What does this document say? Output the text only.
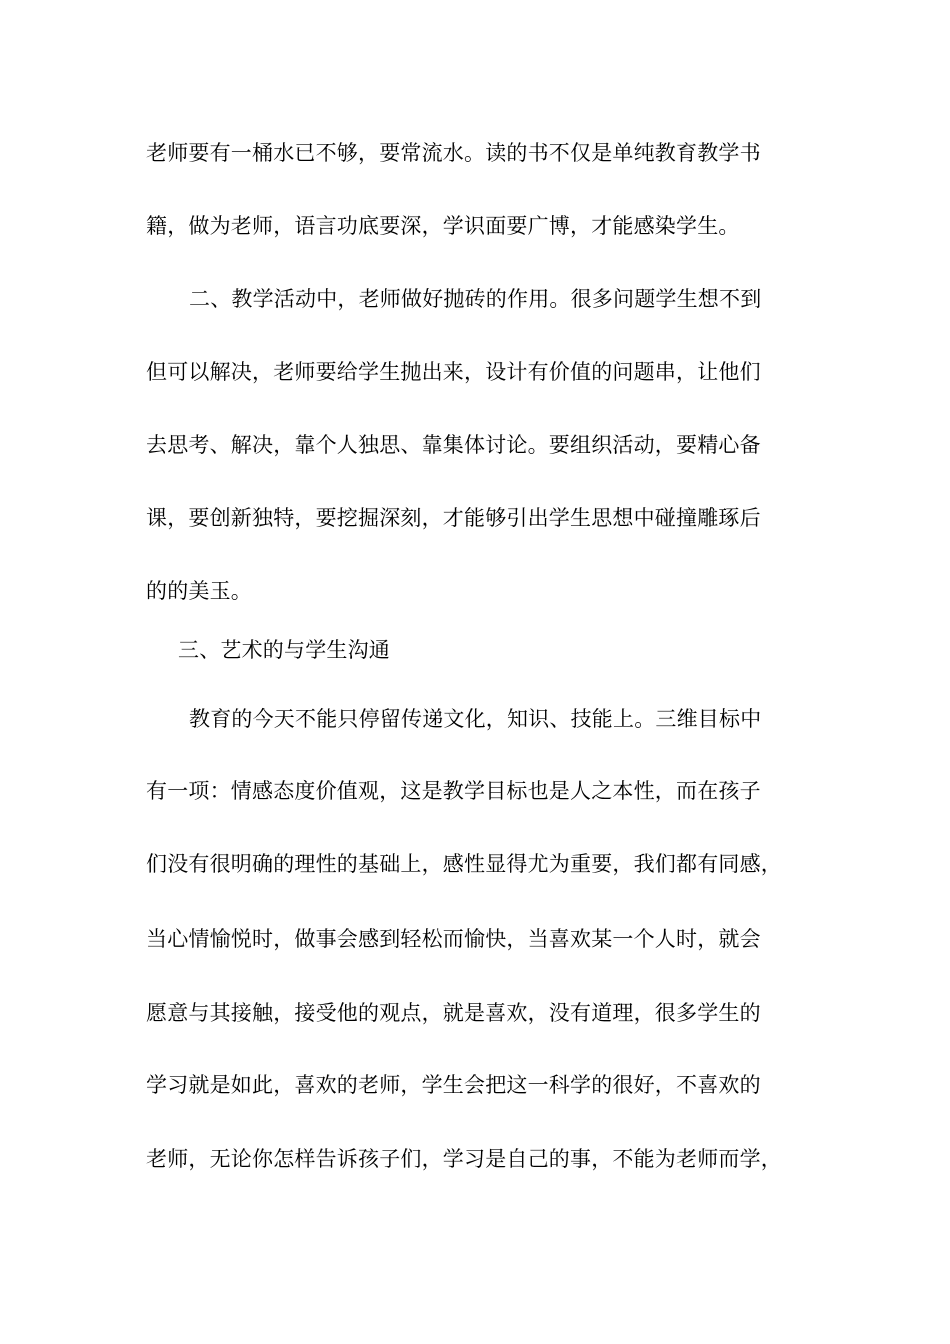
老师要有一桶水已不够，要常流水。读的书不仅是单纯教育教学书
籍，做为老师，语言功底要深，学识面要广博，才能感染学生。
二、教学活动中，老师做好抛砖的作用。很多问题学生想不到
但可以解决，老师要给学生抛出来，设计有价值的问题串，让他们
去思考、解决，靠个人独思、靠集体讨论。要组织活动，要精心备
课，要创新独特，要挖掘深刻，才能够引出学生思想中碰撞雕琢后
的的美玉。
三、艺术的与学生沟通
教育的今天不能只停留传递文化，知识、技能上。三维目标中
有一项：情感态度价值观，这是教学目标也是人之本性，而在孩子
们没有很明确的理性的基础上，感性显得尤为重要，我们都有同感，
当心情愉悦时，做事会感到轻松而愉快，当喜欢某一个人时，就会
愿意与其接触，接受他的观点，就是喜欢，没有道理，很多学生的
学习就是如此，喜欢的老师，学生会把这一科学的很好，不喜欢的
老师，无论你怎样告诉孩子们，学习是自己的事，不能为老师而学，
